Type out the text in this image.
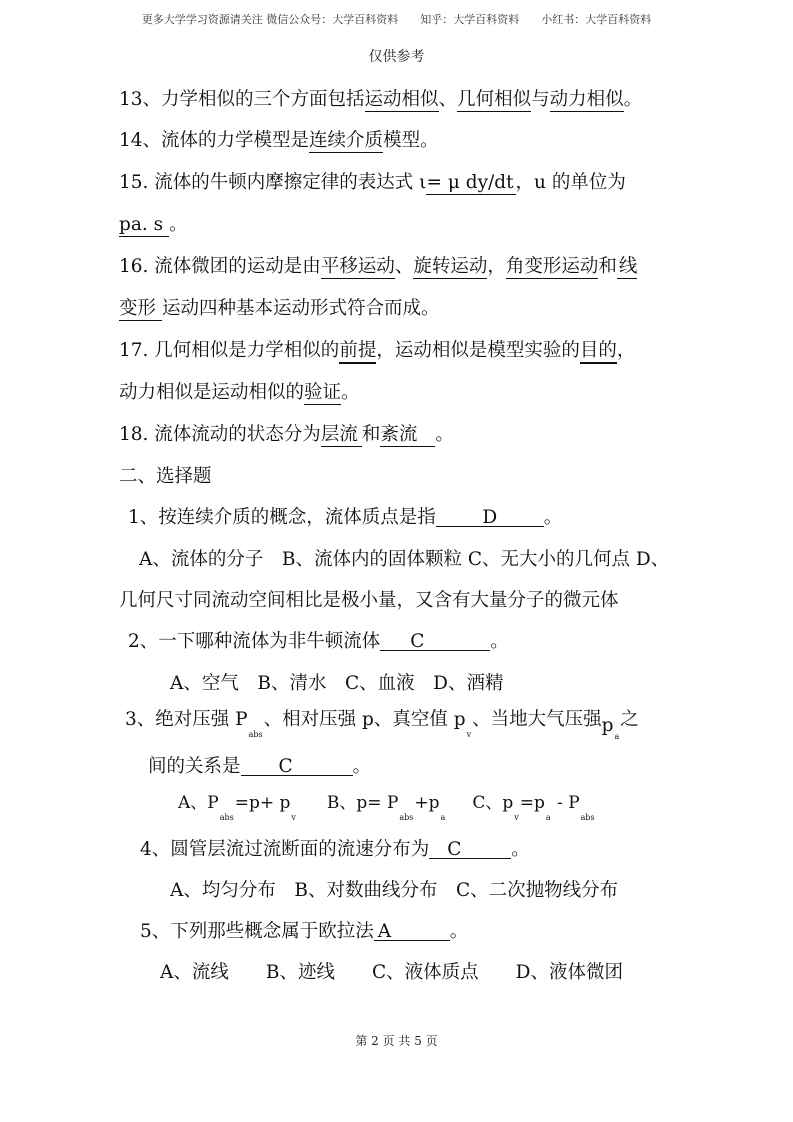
更多大学学习资源请关注 微信公众号：大学百科资料　　知乎：大学百科资料　　小红书：大学百科资料
仅供参考
13、力学相似的三个方面包括运动相似、几何相似与动力相似。
14、流体的力学模型是连续介质模型。
15. 流体的牛顿内摩擦定律的表达式 ι= μ dy/dt ，u 的单位为
pa. s。
16. 流体微团的运动是由平移运动、旋转运动，角变形运动和线
变形 运动四种基本运动形式符合而成。
17. 几何相似是力学相似的前提，运动相似是模型实验的目的，
动力相似是运动相似的验证。
18. 流体流动的状态分为层流和紊流。
二、选择题
1、按连续介质的概念，流体质点是指	D	。
A、流体的分子　B、流体内的固体颗粒 C、无大小的几何点 D、
几何尺寸同流动空间相比是极小量，又含有大量分子的微元体
2、一下哪种流体为非牛顿流体 C	。
A、空气　B、清水　C、血液　D、酒精
3、绝对压强 $P_{abs}$、相对压强 p、真空值 $p_v$、当地大气压强$p_a$之
间的关系是 C	。
A、$P_{abs}=p+ p_vB$、$p= P_{abs}+p_aC$、$p_v=p_a - P_{abs}$
4、圆管层流过流断面的流速分布为 C	。
A、均匀分布　B、对数曲线分布　C、二次抛物线分布
5、下列那些概念属于欧拉法 A	。
A、流线　　B、迹线　　C、液体质点　　D、液体微团
第 2 页 共 5 页
